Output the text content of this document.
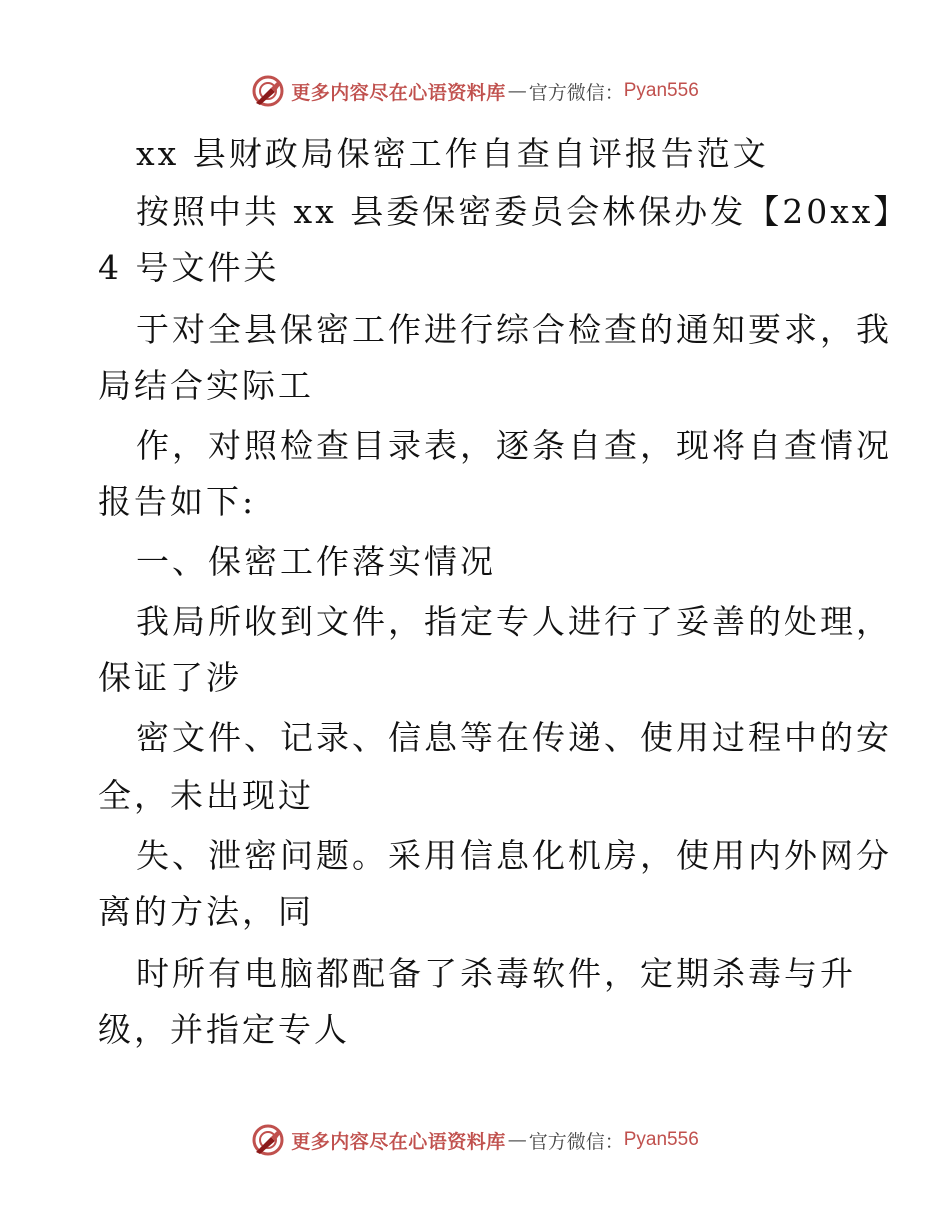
更多内容尽在心语资料库 — 官方微信： Pyan556
xx 县财政局保密工作自查自评报告范文
按照中共 xx 县委保密委员会林保办发【20xx】
4 号文件关
于对全县保密工作进行综合检查的通知要求，我
局结合实际工
作，对照检查目录表，逐条自查，现将自查情况
报告如下:
一、保密工作落实情况
我局所收到文件，指定专人进行了妥善的处理，
保证了涉
密文件、记录、信息等在传递、使用过程中的安
全，未出现过
失、泄密问题。采用信息化机房，使用内外网分
离的方法，同
时所有电脑都配备了杀毒软件，定期杀毒与升
级，并指定专人
更多内容尽在心语资料库 — 官方微信： Pyan556
